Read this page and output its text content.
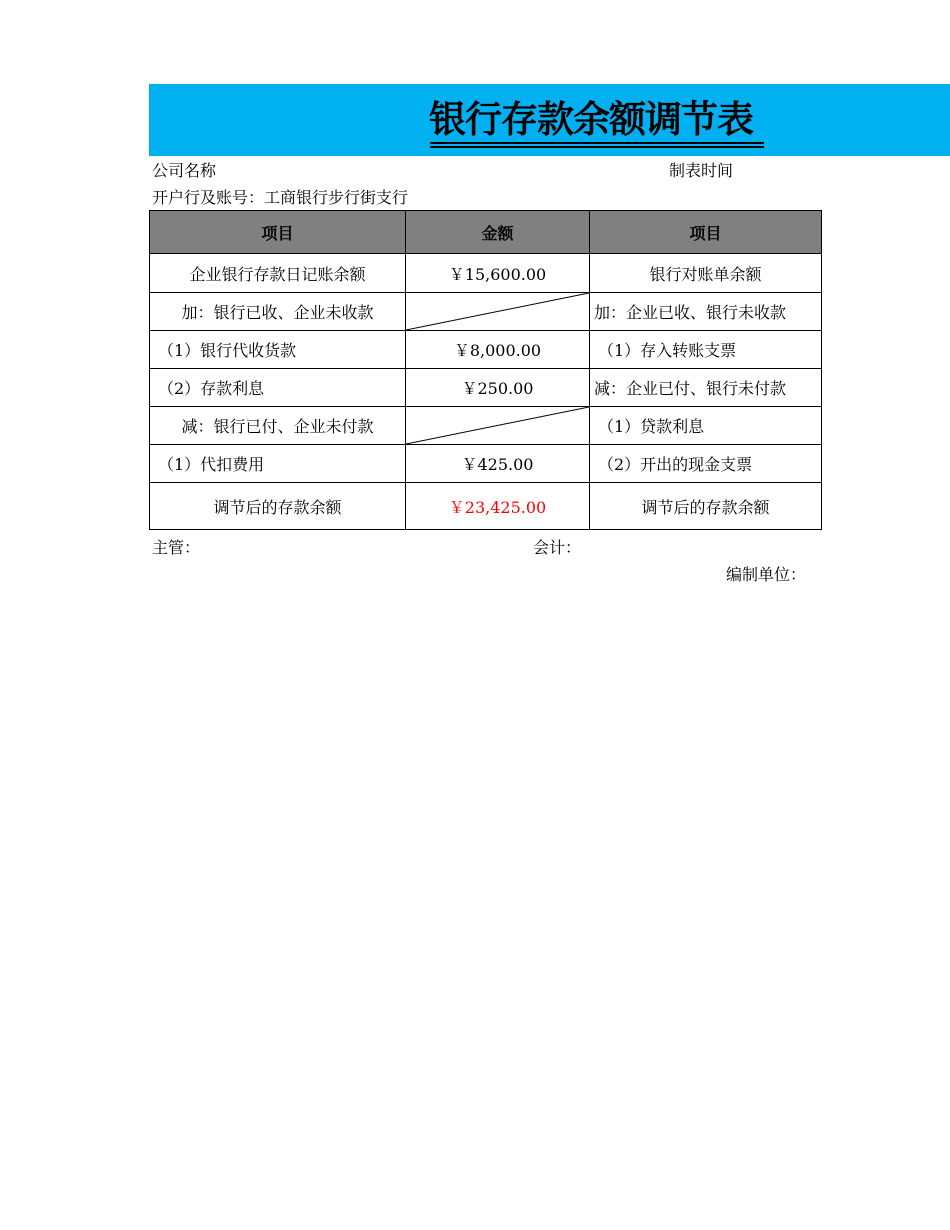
银行存款余额调节表
公司名称	制表时间
开户行及账号：工商银行步行街支行
项目	金额	项目
企业银行存款日记账余额	￥15,600.00	银行对账单余额
加：银行已收、企业未收款		加：企业已收、银行未收款
（1）银行代收货款	￥8,000.00	（1）存入转账支票
（2）存款利息	￥250.00	减：企业已付、银行未付款
减：银行已付、企业未付款		（1）贷款利息
（1）代扣费用	￥425.00	（2）开出的现金支票
调节后的存款余额	￥23,425.00	调节后的存款余额
主管：	会计：
编制单位：
